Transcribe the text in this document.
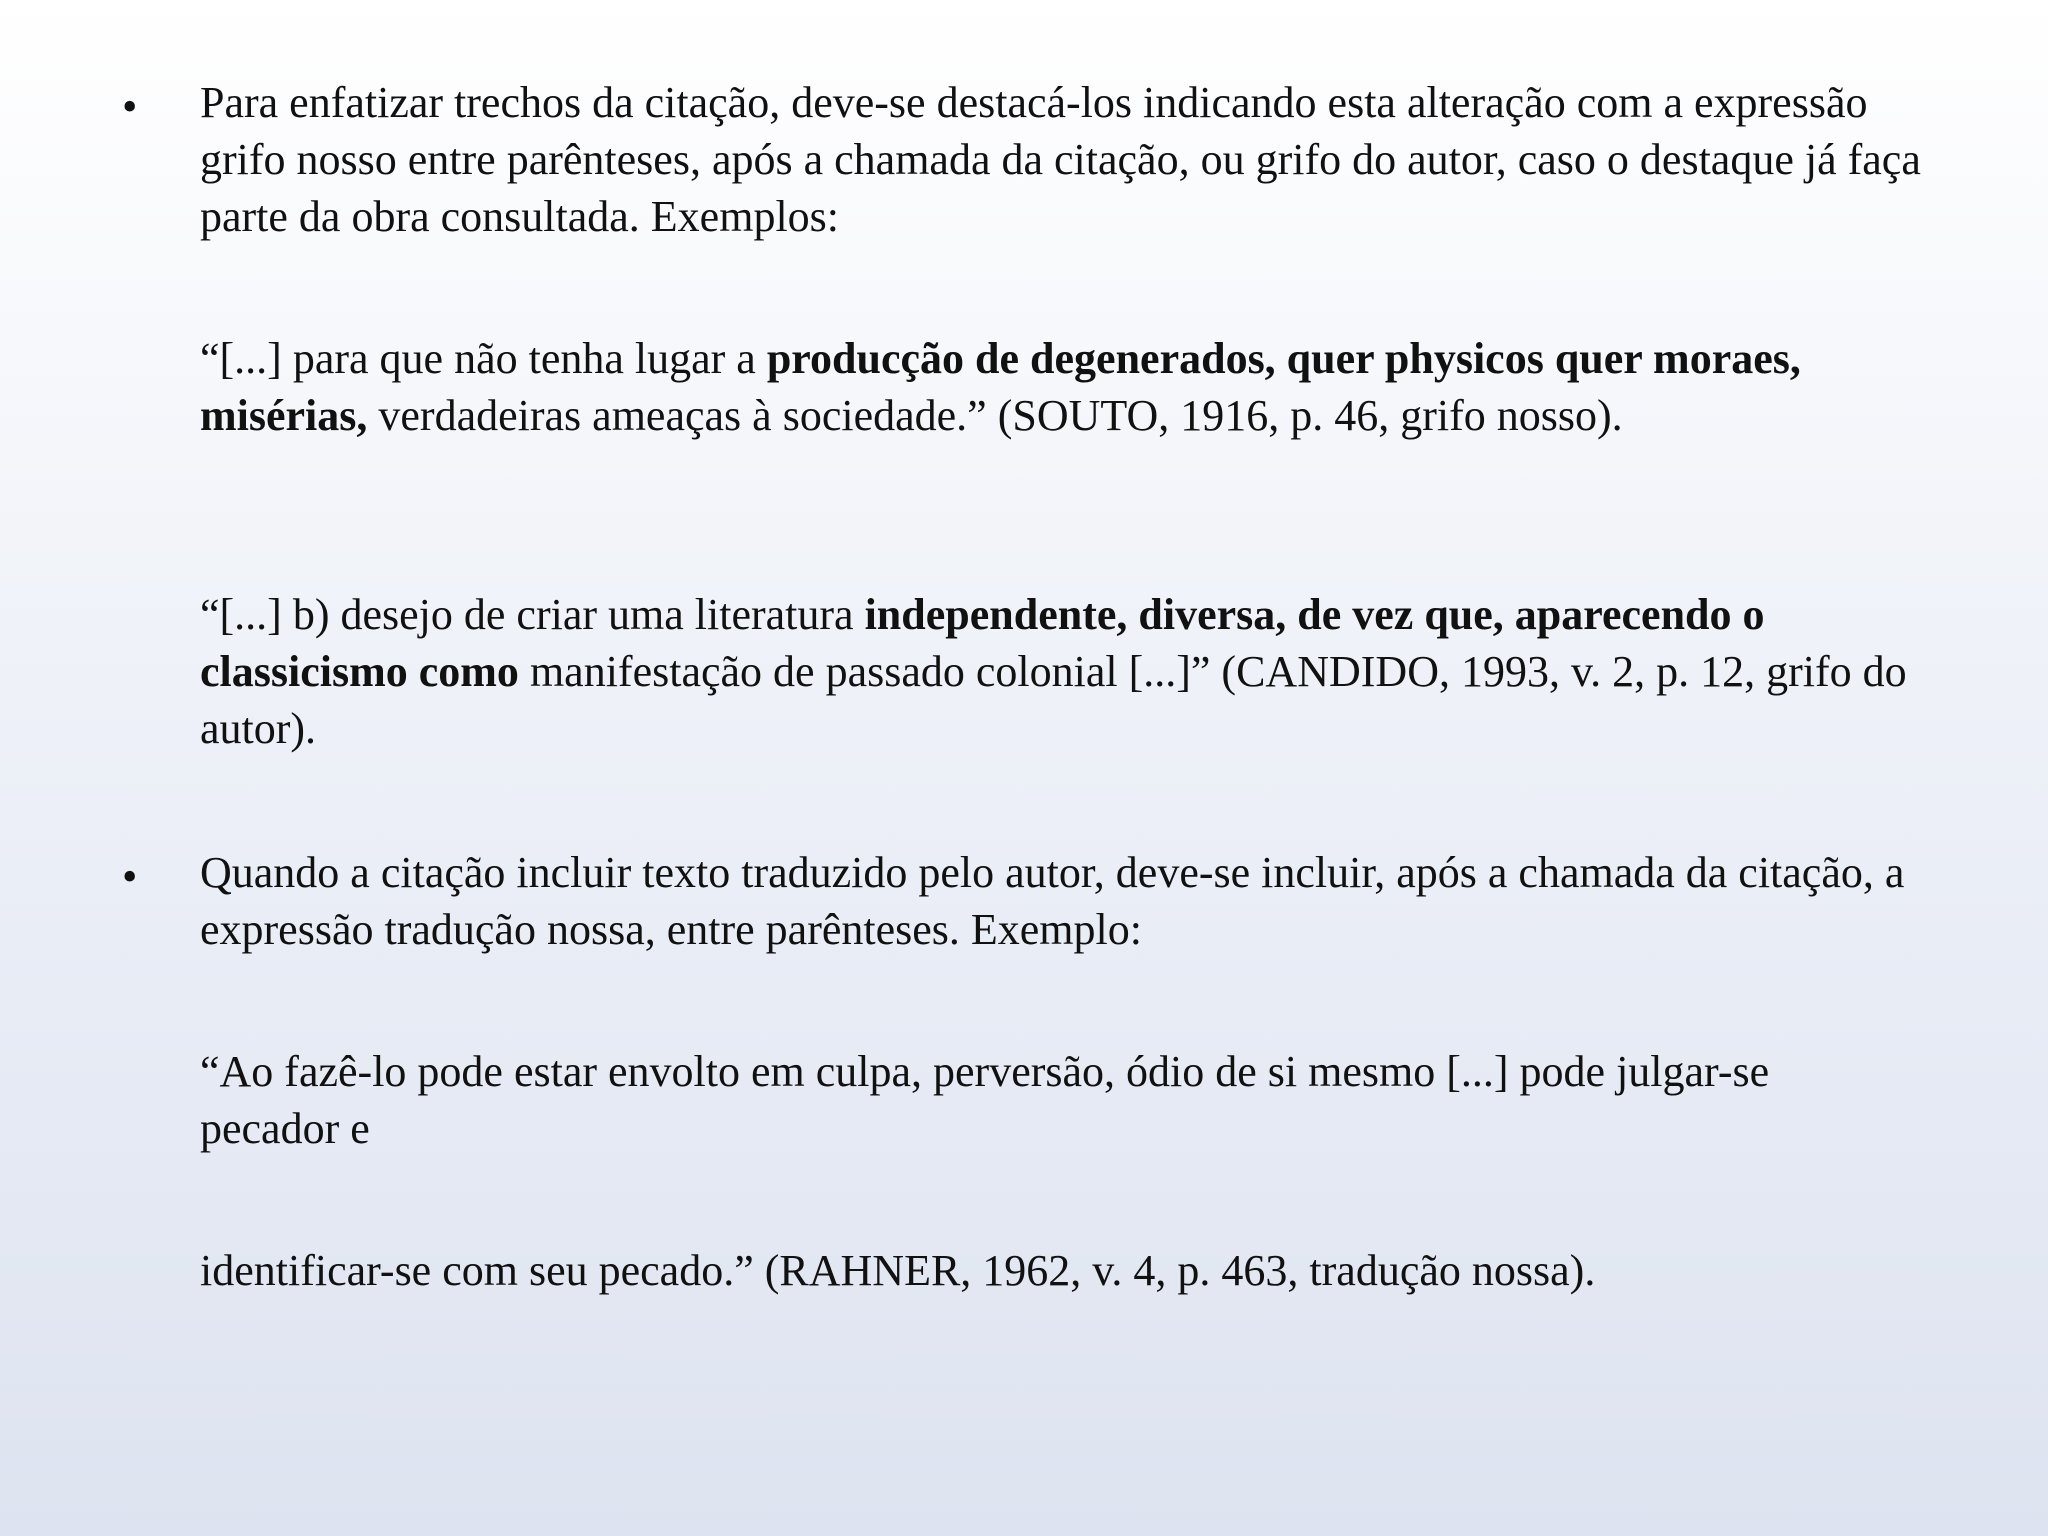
• Para enfatizar trechos da citação, deve-se destacá-los indicando esta alteração com a expressão grifo nosso entre parênteses, após a chamada da citação, ou grifo do autor, caso o destaque já faça parte da obra consultada. Exemplos:

“[...] para que não tenha lugar a producção de degenerados, quer physicos quer moraes, misérias, verdadeiras ameaças à sociedade.” (SOUTO, 1916, p. 46, grifo nosso).

“[...] b) desejo de criar uma literatura independente, diversa, de vez que, aparecendo o classicismo como manifestação de passado colonial [...]” (CANDIDO, 1993, v. 2, p. 12, grifo do autor).

• Quando a citação incluir texto traduzido pelo autor, deve-se incluir, após a chamada da citação, a expressão tradução nossa, entre parênteses. Exemplo:

“Ao fazê-lo pode estar envolto em culpa, perversão, ódio de si mesmo [...] pode julgar-se pecador e

identificar-se com seu pecado.” (RAHNER, 1962, v. 4, p. 463, tradução nossa).
